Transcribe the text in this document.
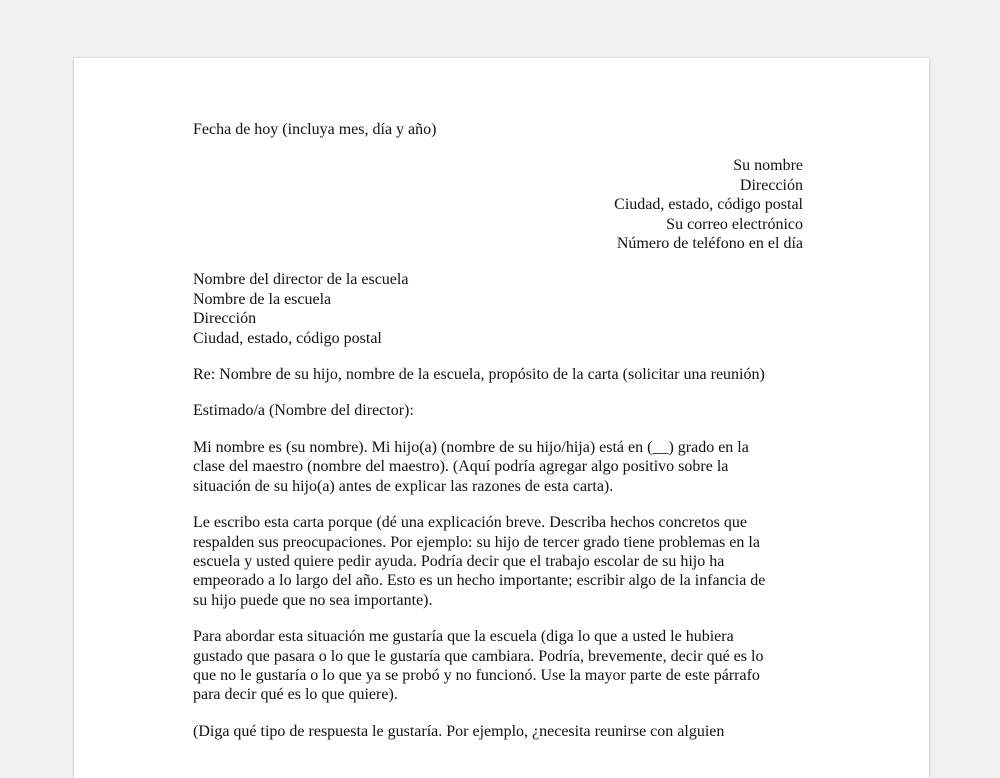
Fecha de hoy (incluya mes, día y año)

Su nombre
Dirección
Ciudad, estado, código postal
Su correo electrónico
Número de teléfono en el día
Nombre del director de la escuela
Nombre de la escuela
Dirección
Ciudad, estado, código postal

Re: Nombre de su hijo, nombre de la escuela, propósito de la carta (solicitar una reunión)

Estimado/a (Nombre del director):

Mi nombre es (su nombre). Mi hijo(a) (nombre de su hijo/hija) está en (__) grado en la
clase del maestro (nombre del maestro). (Aquí podría agregar algo positivo sobre la
situación de su hijo(a) antes de explicar las razones de esta carta).
Le escribo esta carta porque (dé una explicación breve. Describa hechos concretos que
respalden sus preocupaciones. Por ejemplo: su hijo de tercer grado tiene problemas en la
escuela y usted quiere pedir ayuda. Podría decir que el trabajo escolar de su hijo ha
empeorado a lo largo del año. Esto es un hecho importante; escribir algo de la infancia de
su hijo puede que no sea importante).
Para abordar esta situación me gustaría que la escuela (diga lo que a usted le hubiera
gustado que pasara o lo que le gustaría que cambiara. Podría, brevemente, decir qué es lo
que no le gustaría o lo que ya se probó y no funcionó. Use la mayor parte de este párrafo
para decir qué es lo que quiere).
(Diga qué tipo de respuesta le gustaría. Por ejemplo, ¿necesita reunirse con alguien
